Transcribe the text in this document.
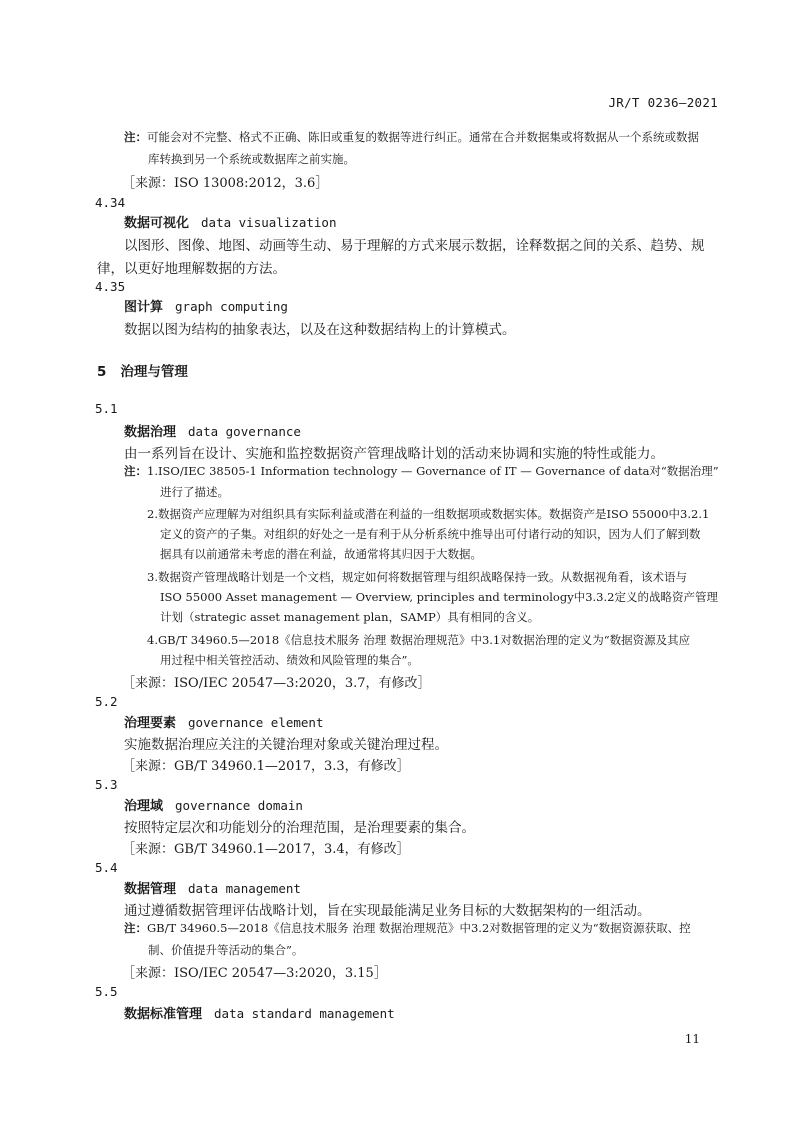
JR/T 0236—2021
注：可能会对不完整、格式不正确、陈旧或重复的数据等进行纠正。通常在合并数据集或将数据从一个系统或数据
库转换到另一个系统或数据库之前实施。
［来源：ISO 13008:2012，3.6］
4.34
数据可视化 data visualization
以图形、图像、地图、动画等生动、易于理解的方式来展示数据，诠释数据之间的关系、趋势、规
律，以更好地理解数据的方法。
4.35
图计算 graph computing
数据以图为结构的抽象表达，以及在这种数据结构上的计算模式。
5 治理与管理
5.1
数据治理 data governance
由一系列旨在设计、实施和监控数据资产管理战略计划的活动来协调和实施的特性或能力。
注：1.ISO/IEC 38505-1 Information technology — Governance of IT — Governance of data对“数据治理”
进行了描述。
2.数据资产应理解为对组织具有实际利益或潜在利益的一组数据项或数据实体。数据资产是ISO 55000中3.2.1
定义的资产的子集。对组织的好处之一是有利于从分析系统中推导出可付诸行动的知识，因为人们了解到数
据具有以前通常未考虑的潜在利益，故通常将其归因于大数据。
3.数据资产管理战略计划是一个文档，规定如何将数据管理与组织战略保持一致。从数据视角看，该术语与
ISO 55000 Asset management — Overview, principles and terminology中3.3.2定义的战略资产管理
计划（strategic asset management plan，SAMP）具有相同的含义。
4.GB/T 34960.5—2018《信息技术服务 治理 数据治理规范》中3.1对数据治理的定义为“数据资源及其应
用过程中相关管控活动、绩效和风险管理的集合”。
［来源：ISO/IEC 20547—3:2020，3.7，有修改］
5.2
治理要素 governance element
实施数据治理应关注的关键治理对象或关键治理过程。
［来源：GB/T 34960.1—2017，3.3，有修改］
5.3
治理域 governance domain
按照特定层次和功能划分的治理范围，是治理要素的集合。
［来源：GB/T 34960.1—2017，3.4，有修改］
5.4
数据管理 data management
通过遵循数据管理评估战略计划，旨在实现最能满足业务目标的大数据架构的一组活动。
注：GB/T 34960.5—2018《信息技术服务 治理 数据治理规范》中3.2对数据管理的定义为“数据资源获取、控
制、价值提升等活动的集合”。
［来源：ISO/IEC 20547—3:2020，3.15］
5.5
数据标准管理 data standard management
11
